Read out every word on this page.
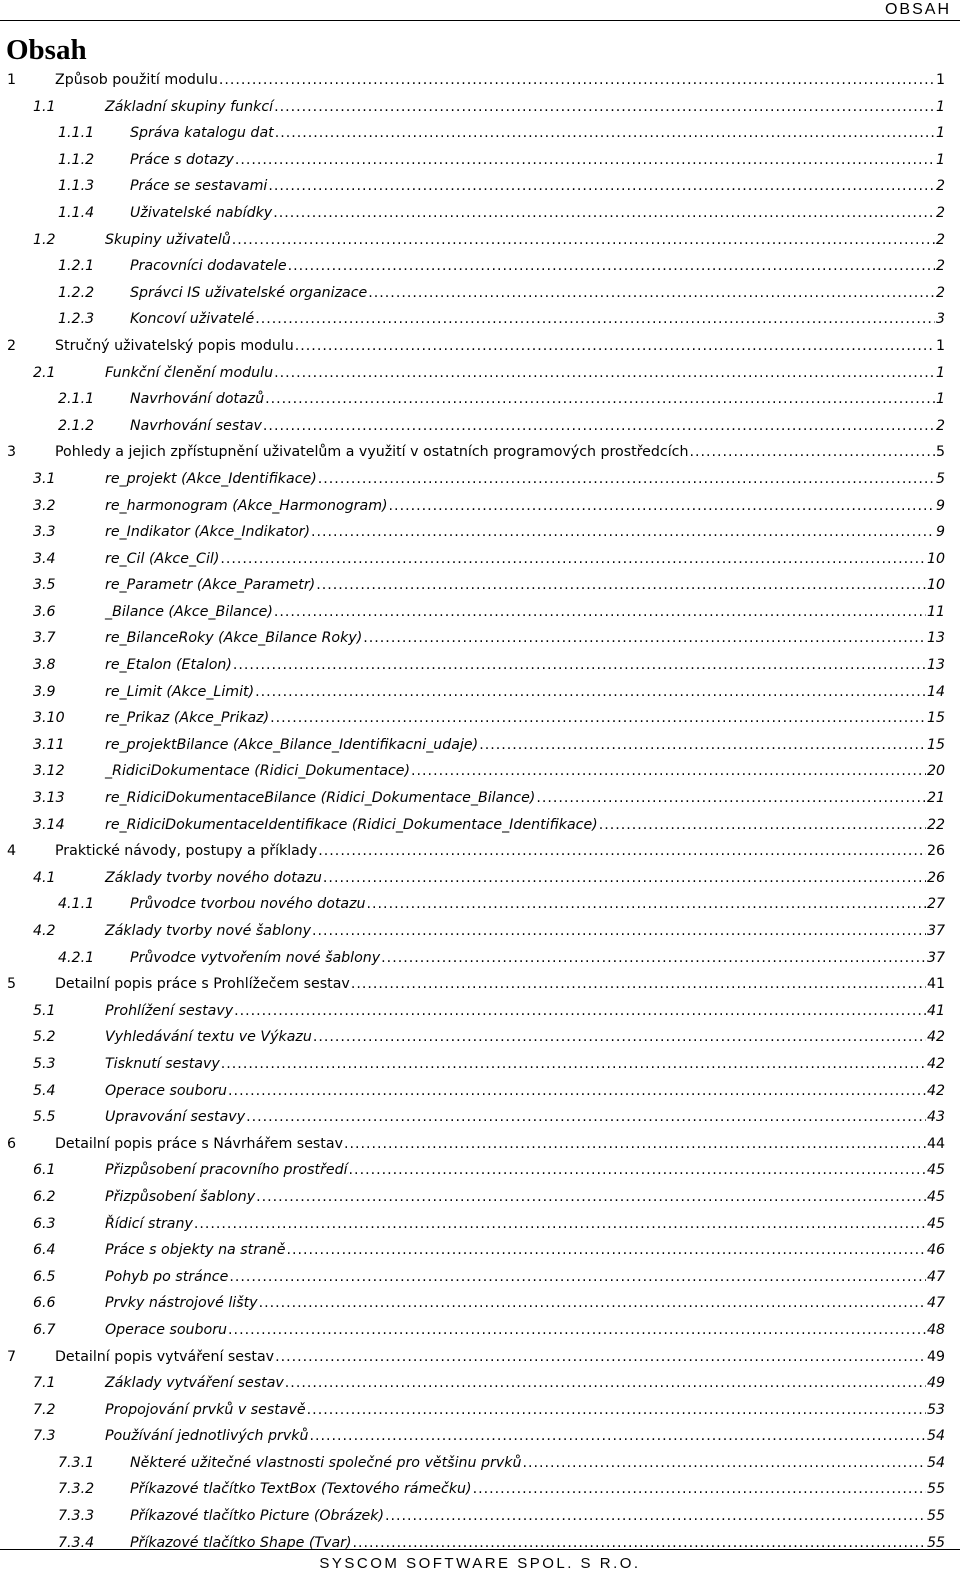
OBSAH
Obsah
1	Způsob použití modulu .....	1
1.1	Základní skupiny funkcí .....	1
1.1.1	Správa katalogu dat .....	1
1.1.2	Práce s dotazy .....	1
1.1.3	Práce se sestavami .....	2
1.1.4	Uživatelské nabídky .....	2
1.2	Skupiny uživatelů .....	2
1.2.1	Pracovníci dodavatele .....	2
1.2.2	Správci IS uživatelské organizace .....	2
1.2.3	Koncoví uživatelé .....	3
2	Stručný uživatelský popis modulu .....	1
2.1	Funkční členění modulu .....	1
2.1.1	Navrhování dotazů .....	1
2.1.2	Navrhování sestav .....	2
3	Pohledy a jejich zpřístupnění uživatelům a využití v ostatních programových prostředcích .....	5
3.1	re_projekt (Akce_Identifikace) .....	5
3.2	re_harmonogram (Akce_Harmonogram) .....	9
3.3	re_Indikator (Akce_Indikator) .....	9
3.4	re_Cil (Akce_Cil) .....	10
3.5	re_Parametr (Akce_Parametr) .....	10
3.6	_Bilance (Akce_Bilance) .....	11
3.7	re_BilanceRoky (Akce_Bilance Roky) .....	13
3.8	re_Etalon (Etalon) .....	13
3.9	re_Limit (Akce_Limit) .....	14
3.10	re_Prikaz (Akce_Prikaz) .....	15
3.11	re_projektBilance (Akce_Bilance_Identifikacni_udaje) .....	15
3.12	_RidiciDokumentace (Ridici_Dokumentace) .....	20
3.13	re_RidiciDokumentaceBilance (Ridici_Dokumentace_Bilance) .....	21
3.14	re_RidiciDokumentaceIdentifikace (Ridici_Dokumentace_Identifikace) .....	22
4	Praktické návody, postupy a příklady .....	26
4.1	Základy tvorby nového dotazu .....	26
4.1.1	Průvodce tvorbou nového dotazu .....	27
4.2	Základy tvorby nové šablony .....	37
4.2.1	Průvodce vytvořením nové šablony .....	37
5	Detailní popis práce s Prohlížečem sestav .....	41
5.1	Prohlížení sestavy .....	41
5.2	Vyhledávání textu ve Výkazu .....	42
5.3	Tisknutí sestavy .....	42
5.4	Operace souboru .....	42
5.5	Upravování sestavy .....	43
6	Detailní popis práce s Návrhářem sestav .....	44
6.1	Přizpůsobení pracovního prostředí .....	45
6.2	Přizpůsobení šablony .....	45
6.3	Řídicí strany .....	45
6.4	Práce s objekty na straně .....	46
6.5	Pohyb po stránce .....	47
6.6	Prvky nástrojové lišty .....	47
6.7	Operace souboru .....	48
7	Detailní popis vytváření sestav .....	49
7.1	Základy vytváření sestav .....	49
7.2	Propojování prvků v sestavě .....	53
7.3	Používání jednotlivých prvků .....	54
7.3.1	Některé užitečné vlastnosti společné pro většinu prvků .....	54
7.3.2	Příkazové tlačítko TextBox (Textového rámečku) .....	55
7.3.3	Příkazové tlačítko Picture (Obrázek) .....	55
7.3.4	Příkazové tlačítko Shape (Tvar) .....	55
SYSCOM SOFTWARE SPOL. S R.O.
